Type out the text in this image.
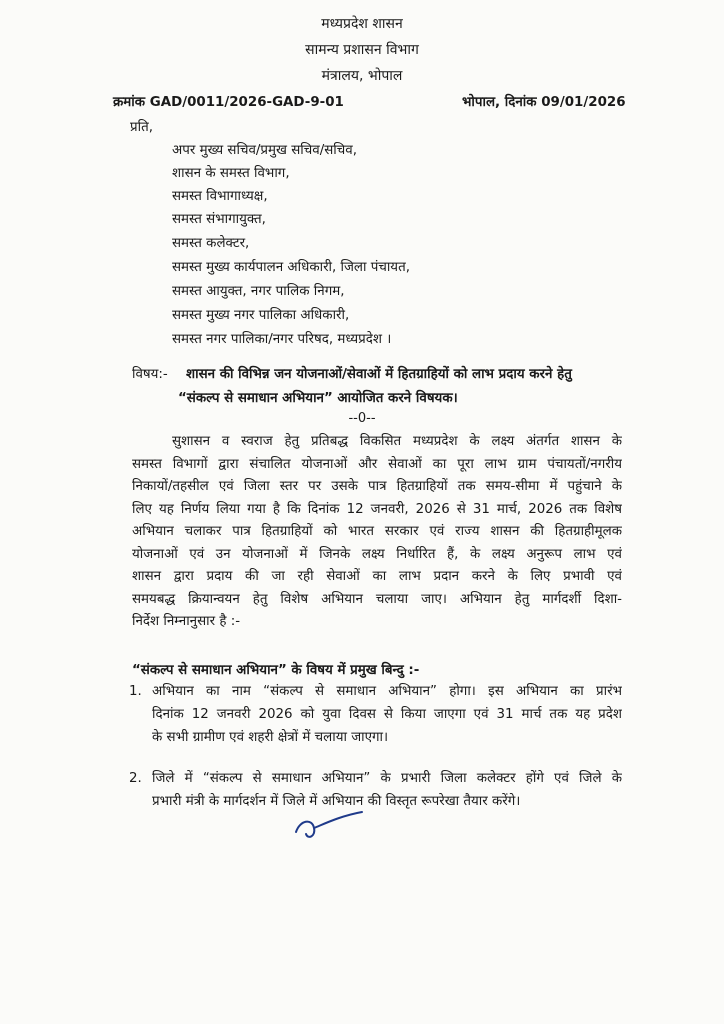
मध्यप्रदेश शासन
सामन्य प्रशासन विभाग
मंत्रालय, भोपाल
क्रमांक GAD/0011/2026-GAD-9-01	भोपाल, दिनांक 09/01/2026
प्रति,
अपर मुख्य सचिव/प्रमुख सचिव/सचिव,
शासन के समस्त विभाग,
समस्त विभागाध्यक्ष,
समस्त संभागायुक्त,
समस्त कलेक्टर,
समस्त मुख्य कार्यपालन अधिकारी, जिला पंचायत,
समस्त आयुक्त, नगर पालिक निगम,
समस्त मुख्य नगर पालिका अधिकारी,
समस्त नगर पालिका/नगर परिषद, मध्यप्रदेश ।
विषय:- शासन की विभिन्न जन योजनाओं/सेवाओं में हितग्राहियों को लाभ प्रदाय करने हेतु
“संकल्प से समाधान अभियान” आयोजित करने विषयक।
--0--
सुशासन व स्वराज हेतु प्रतिबद्ध विकसित मध्यप्रदेश के लक्ष्य अंतर्गत शासन के
समस्त विभागों द्वारा संचालित योजनाओं और सेवाओं का पूरा लाभ ग्राम पंचायतों/नगरीय
निकायों/तहसील एवं जिला स्तर पर उसके पात्र हितग्राहियों तक समय-सीमा में पहुंचाने के
लिए यह निर्णय लिया गया है कि दिनांक 12 जनवरी, 2026 से 31 मार्च, 2026 तक विशेष
अभियान चलाकर पात्र हितग्राहियों को भारत सरकार एवं राज्य शासन की हितग्राहीमूलक
योजनाओं एवं उन योजनाओं में जिनके लक्ष्य निर्धारित हैं, के लक्ष्य अनुरूप लाभ एवं
शासन द्वारा प्रदाय की जा रही सेवाओं का लाभ प्रदान करने के लिए प्रभावी एवं
समयबद्ध क्रियान्वयन हेतु विशेष अभियान चलाया जाए। अभियान हेतु मार्गदर्शी दिशा-
निर्देश निम्नानुसार है :-
“संकल्प से समाधान अभियान” के विषय में प्रमुख बिन्दु :-
1. अभियान का नाम “संकल्प से समाधान अभियान” होगा। इस अभियान का प्रारंभ
दिनांक 12 जनवरी 2026 को युवा दिवस से किया जाएगा एवं 31 मार्च तक यह प्रदेश
के सभी ग्रामीण एवं शहरी क्षेत्रों में चलाया जाएगा।
2. जिले में “संकल्प से समाधान अभियान” के प्रभारी जिला कलेक्टर होंगे एवं जिले के
प्रभारी मंत्री के मार्गदर्शन में जिले में अभियान की विस्तृत रूपरेखा तैयार करेंगे।
